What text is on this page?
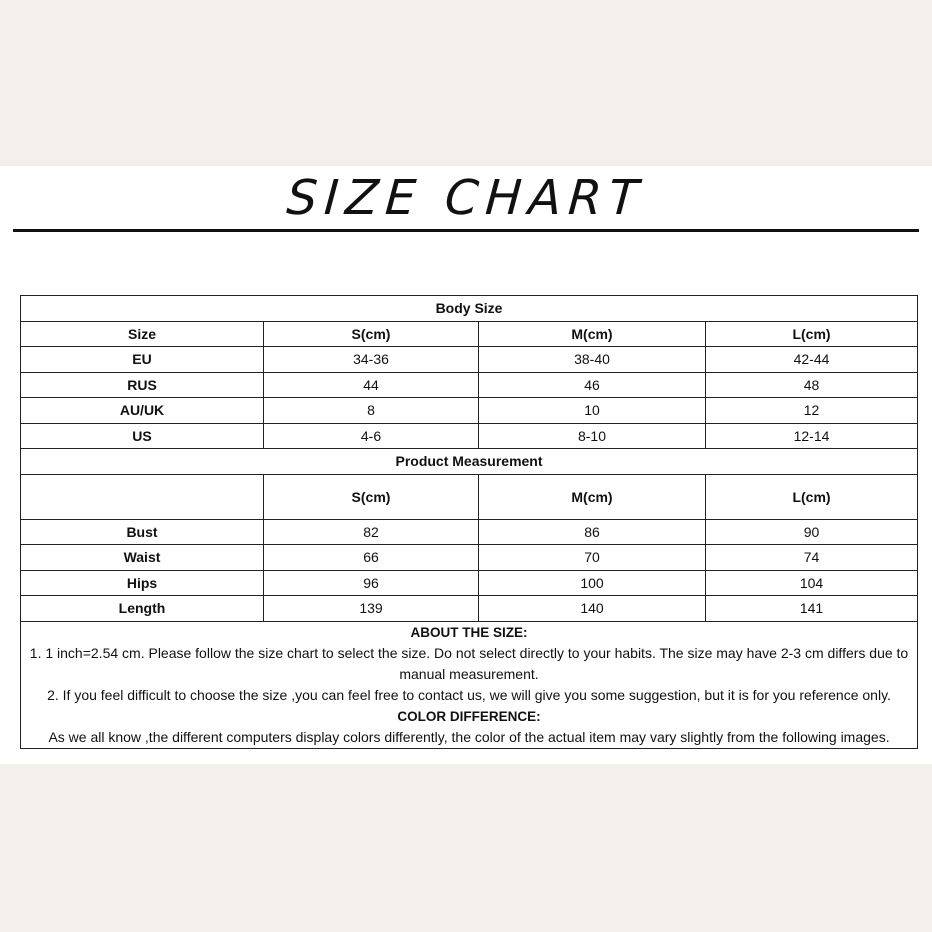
SIZE CHART
Body Size			
Size	S(cm)	M(cm)	L(cm)
EU	34-36	38-40	42-44
RUS	44	46	48
AU/UK	8	10	12
US	4-6	8-10	12-14
Product Measurement			
	S(cm)	M(cm)	L(cm)
Bust	82	86	90
Waist	66	70	74
Hips	96	100	104
Length	139	140	141

ABOUT THE SIZE:

1. 1 inch=2.54 cm. Please follow the size chart to select the size. Do not select directly to your habits. The size may have 2-3 cm differs due to manual measurement.

2. If you feel difficult to choose the size ,you can feel free to contact us, we will give you some suggestion, but it is for you reference only.

COLOR DIFFERENCE:

As we all know ,the different computers display colors differently, the color of the actual item may vary slightly from the following images.			
